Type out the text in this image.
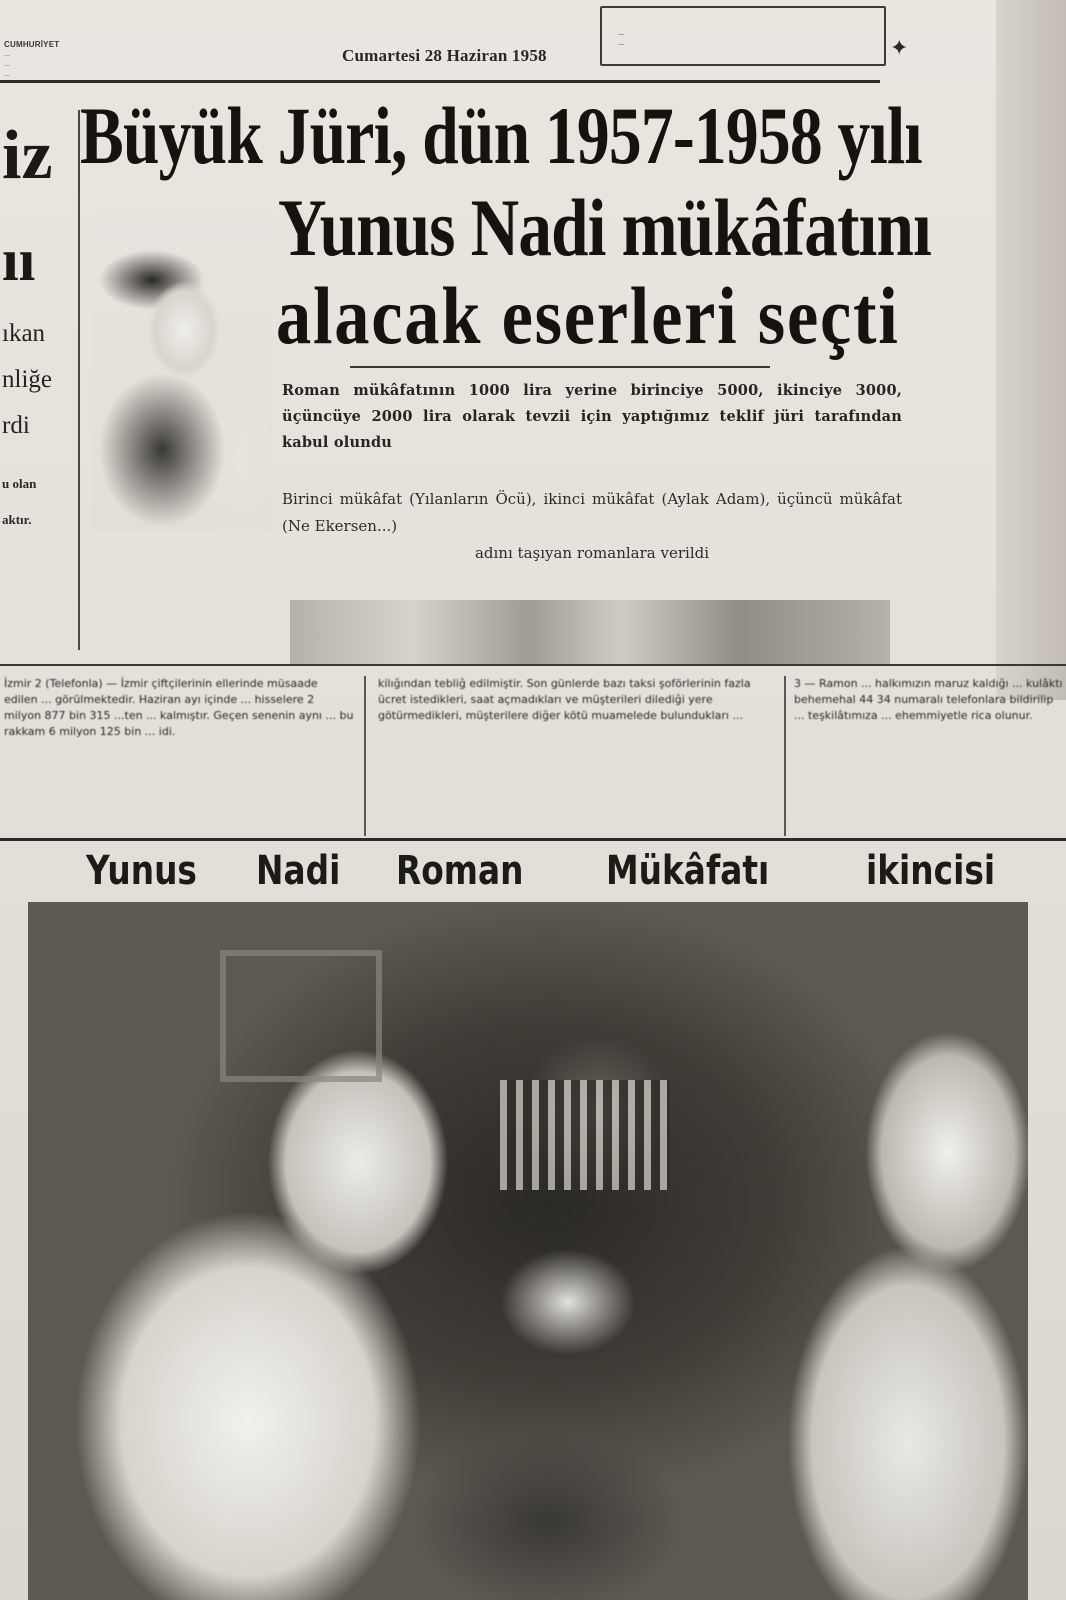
CUMHURİYET
...
...
...
Cumartesi 28 Haziran 1958
...
...	✦
iz
ıı
ıkan
nliğe
rdi
u olan
aktır.
Büyük Jüri, dün 1957-1958 yılı
Yunus Nadi mükâfatını
alacak eserleri seçti
Roman mükâfatının 1000 lira yerine birinciye 5000, ikinciye 3000, üçüncüye 2000 lira olarak tevzii için yaptığımız teklif jüri tarafından kabul olundu
Birinci mükâfat (Yılanların Öcü), ikinci mükâfat (Aylak Adam), üçüncü mükâfat (Ne Ekersen...)
adını taşıyan romanlara verildi
İzmir 2 (Telefonla) — İzmir çiftçilerinin ellerinde müsaade edilen ... görülmektedir. Haziran ayı içinde ... hisselere 2 milyon 877 bin 315 ...ten ... kalmıştır. Geçen senenin aynı ... bu rakkam 6 milyon 125 bin ... idi.
kilığından tebliğ edilmiştir. Son günlerde bazı taksi şoförlerinin fazla ücret istedikleri, saat açmadıkları ve müşterileri dilediği yere götürmedikleri, müşterilere diğer kötü muamelede bulundukları ...
3 — Ramon ... halkımızın maruz kaldığı ... kulâktı behemehal 44 34 numaralı telefonlara bildirilip ... teşkilâtımıza ... ehemmiyetle rica olunur.
Yunus Nadi Roman Mükâfatı ikincisi
